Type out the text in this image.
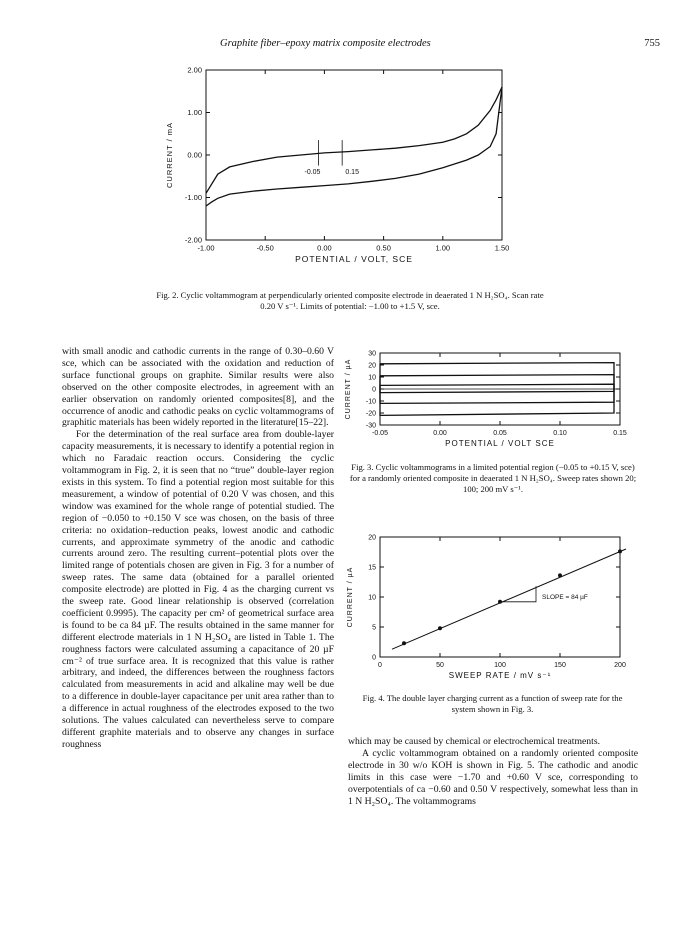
Graphite fiber–epoxy matrix composite electrodes	755
-1.00	-0.50	0.00	0.50	1.00	1.50
2.00
1.00
0.00
-1.00
-2.00
POTENTIAL / VOLT, SCE
CURRENT / mA	-0.05	0.15
Fig. 2. Cyclic voltammogram at perpendicularly oriented composite electrode in deaerated 1 N H₂SO₄. Scan rate 0.20 V s⁻¹. Limits of potential: −1.00 to +1.5 V, sce.
-0.05	0.00	0.05	0.10	0.15
30
20
10
0
-10
-20
-30
POTENTIAL / VOLT SCE
CURRENT / µA
Fig. 3. Cyclic voltammograms in a limited potential region (−0.05 to +0.15 V, sce) for a randomly oriented composite in deaerated 1 N H₂SO₄. Sweep rates shown 20; 100; 200 mV s⁻¹.
0	50	100	150	200
20
15
10
5
0
SWEEP RATE / mV s⁻¹
CURRENT / µA	SLOPE = 84 µF
Fig. 4. The double layer charging current as a function of sweep rate for the system shown in Fig. 3.

with small anodic and cathodic currents in the range of 0.30–0.60 V sce, which can be associated with the oxidation and reduction of surface functional groups on graphite. Similar results were also observed on the other composite electrodes, in agreement with an earlier observation on randomly oriented composites[8], and the occurrence of anodic and cathodic peaks on cyclic voltammograms of graphitic materials has been widely reported in the literature[15–22].

For the determination of the real surface area from double-layer capacity measurements, it is necessary to identify a potential region in which no Faradaic reaction occurs. Considering the cyclic voltammogram in Fig. 2, it is seen that no “true” double-layer region exists in this system. To find a potential region most suitable for this measurement, a window of potential of 0.20 V was chosen, and this window was examined for the whole range of potential studied. The region of −0.050 to +0.150 V sce was chosen, on the basis of three criteria: no oxidation–reduction peaks, lowest anodic and cathodic currents, and approximate symmetry of the anodic and cathodic currents around zero. The resulting current–potential plots over the limited range of potentials chosen are given in Fig. 3 for a number of sweep rates. The same data (obtained for a parallel oriented composite electrode) are plotted in Fig. 4 as the charging current vs the sweep rate. Good linear relationship is observed (correlation coefficient 0.9995). The capacity per cm² of geometrical surface area is found to be ca 84 µF. The results obtained in the same manner for different electrode materials in 1 N H₂SO₄ are listed in Table 1. The roughness factors were calculated assuming a capacitance of 20 µF cm⁻² of true surface area. It is recognized that this value is rather arbitrary, and indeed, the differences between the roughness factors calculated from measurements in acid and alkaline may well be due to a difference in double-layer capacitance per unit area rather than to a difference in actual roughness of the electrodes exposed to the two solutions. The values calculated can nevertheless serve to compare different graphite materials and to observe any changes in surface roughness	which may be caused by chemical or electrochemical treatments.

A cyclic voltammogram obtained on a randomly oriented composite electrode in 30 w/o KOH is shown in Fig. 5. The cathodic and anodic limits in this case were −1.70 and +0.60 V sce, corresponding to overpotentials of ca −0.60 and 0.50 V respectively, somewhat less than in 1 N H₂SO₄. The voltammograms
